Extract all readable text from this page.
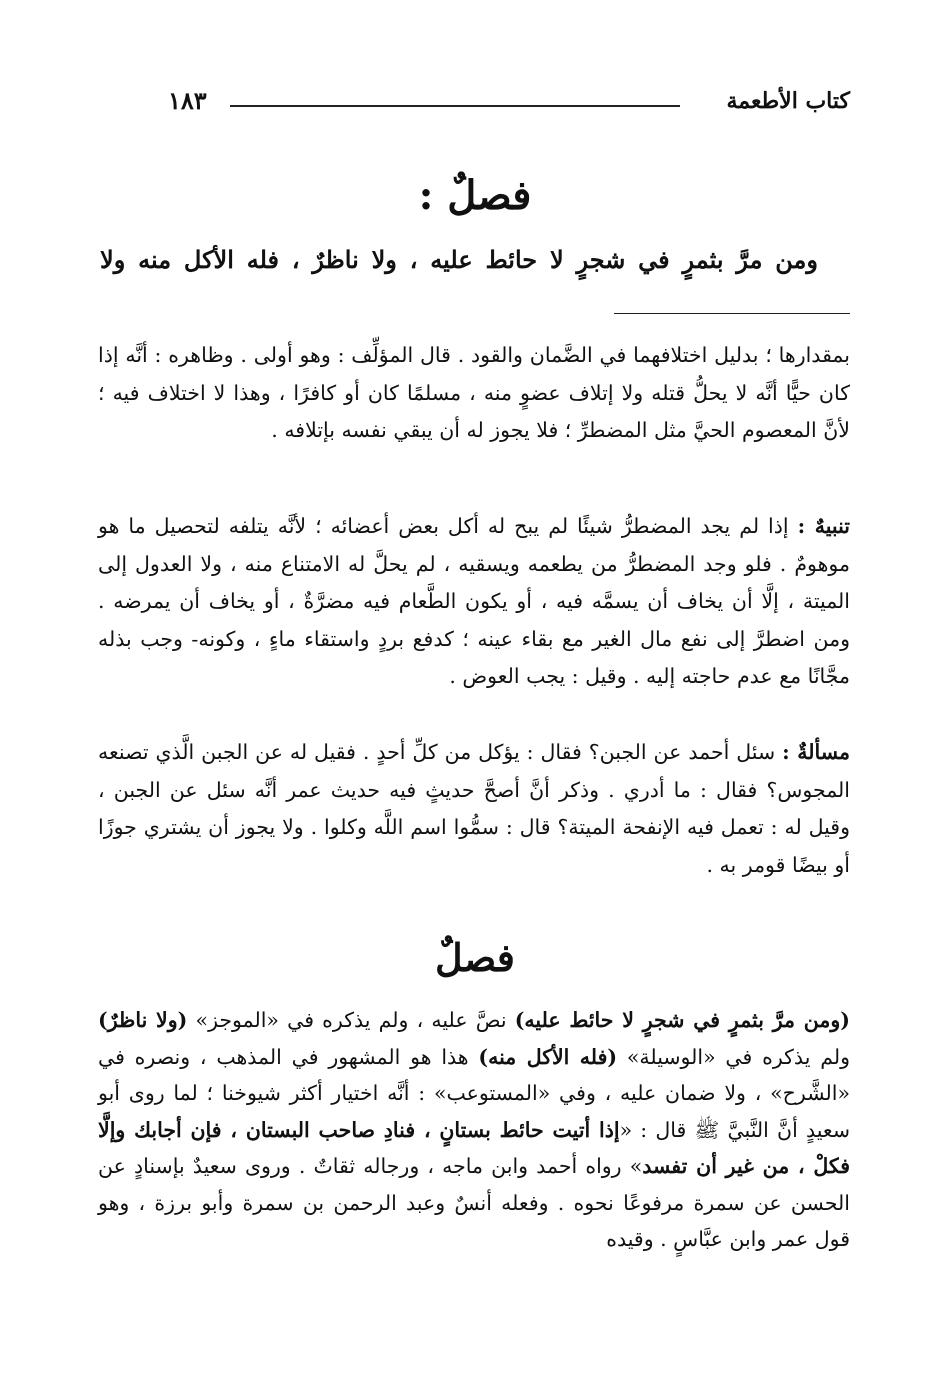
١٨٣	كتاب الأطعمة
فصلٌ :
ومن مرَّ بثمرٍ في شجرٍ لا حائط عليه ، ولا ناظرٌ ، فله الأكل منه ولا
بمقدارها ؛ بدليل اختلافهما في الضَّمان والقود . قال المؤلِّف : وهو أولى . وظاهره : أنَّه إذا كان حيًّا أنَّه لا يحلُّ قتله ولا إتلاف عضوٍ منه ، مسلمًا كان أو كافرًا ، وهذا لا اختلاف فيه ؛ لأنَّ المعصوم الحيَّ مثل المضطرِّ ؛ فلا يجوز له أن يبقي نفسه بإتلافه .
تنبيهٌ : إذا لم يجد المضطرُّ شيئًا لم يبح له أكل بعض أعضائه ؛ لأنَّه يتلفه لتحصيل ما هو موهومٌ . فلو وجد المضطرُّ من يطعمه ويسقيه ، لم يحلَّ له الامتناع منه ، ولا العدول إلى الميتة ، إلَّا أن يخاف أن يسمَّه فيه ، أو يكون الطَّعام فيه مضرَّةٌ ، أو يخاف أن يمرضه . ومن اضطرَّ إلى نفع مال الغير مع بقاء عينه ؛ كدفع بردٍ واستقاء ماءٍ ، وكونه- وجب بذله مجَّانًا مع عدم حاجته إليه . وقيل : يجب العوض .
مسألةٌ : سئل أحمد عن الجبن؟ فقال : يؤكل من كلِّ أحدٍ . فقيل له عن الجبن الَّذي تصنعه المجوس؟ فقال : ما أدري . وذكر أنَّ أصحَّ حديثٍ فيه حديث عمر أنَّه سئل عن الجبن ، وقيل له : تعمل فيه الإنفحة الميتة؟ قال : سمُّوا اسم اللَّه وكلوا . ولا يجوز أن يشتري جوزًا أو بيضًا قومر به .
فصلٌ
(ومن مرَّ بثمرٍ في شجرٍ لا حائط عليه) نصَّ عليه ، ولم يذكره في «الموجز» (ولا ناظرٌ) ولم يذكره في «الوسيلة» (فله الأكل منه) هذا هو المشهور في المذهب ، ونصره في «الشَّرح» ، ولا ضمان عليه ، وفي «المستوعب» : أنَّه اختيار أكثر شيوخنا ؛ لما روى أبو سعيدٍ أنَّ النَّبيَّ ﷺ قال : «إذا أتيت حائط بستانٍ ، فنادِ صاحب البستان ، فإن أجابك وإلَّا فكلْ ، من غير أن تفسد» رواه أحمد وابن ماجه ، ورجاله ثقاتٌ . وروى سعيدٌ بإسنادٍ عن الحسن عن سمرة مرفوعًا نحوه . وفعله أنسٌ وعبد الرحمن بن سمرة وأبو برزة ، وهو قول عمر وابن عبَّاسٍ . وقيده
